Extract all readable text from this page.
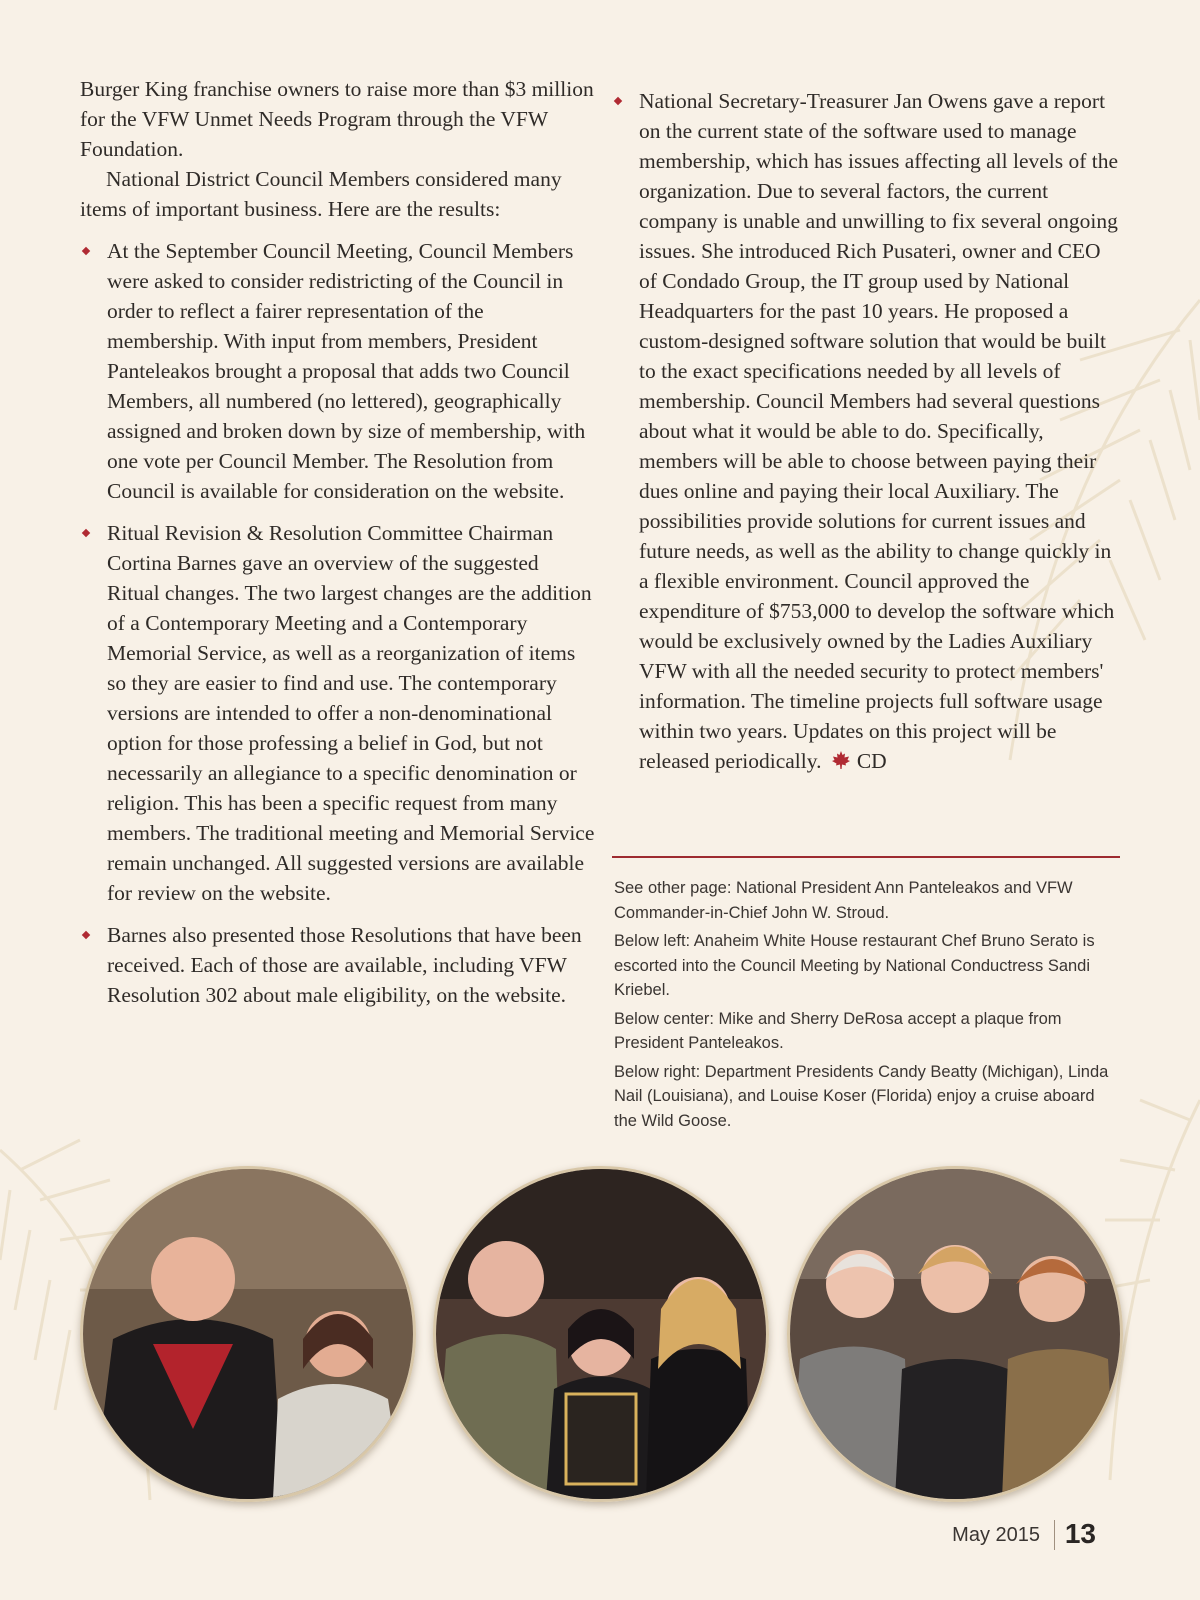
Burger King franchise owners to raise more than $3 million for the VFW Unmet Needs Program through the VFW Foundation.

National District Council Members considered many items of important business. Here are the results:

At the September Council Meeting, Council Members were asked to consider redistricting of the Council in order to reflect a fairer representation of the membership. With input from members, President Panteleakos brought a proposal that adds two Council Members, all numbered (no lettered), geographically assigned and broken down by size of membership, with one vote per Council Member. The Resolution from Council is available for consideration on the website.
Ritual Revision & Resolution Committee Chairman Cortina Barnes gave an overview of the suggested Ritual changes. The two largest changes are the addition of a Contemporary Meeting and a Contemporary Memorial Service, as well as a reorganization of items so they are easier to find and use. The contemporary versions are intended to offer a non-denominational option for those professing a belief in God, but not necessarily an allegiance to a specific denomination or religion. This has been a specific request from many members. The traditional meeting and Memorial Service remain unchanged. All suggested versions are available for review on the website.
Barnes also presented those Resolutions that have been received. Each of those are available, including VFW Resolution 302 about male eligibility, on the website.
National Secretary-Treasurer Jan Owens gave a report on the current state of the software used to manage membership, which has issues affecting all levels of the organization. Due to several factors, the current company is unable and unwilling to fix several ongoing issues. She introduced Rich Pusateri, owner and CEO of Condado Group, the IT group used by National Headquarters for the past 10 years. He proposed a custom-designed software solution that would be built to the exact specifications needed by all levels of membership. Council Members had several questions about what it would be able to do. Specifically, members will be able to choose between paying their dues online and paying their local Auxiliary. The possibilities provide solutions for current issues and future needs, as well as the ability to change quickly in a flexible environment. Council approved the expenditure of $753,000 to develop the software which would be exclusively owned by the Ladies Auxiliary VFW with all the needed security to protect members' information. The timeline projects full software usage within two years. Updates on this project will be released periodically. CD

See other page: National President Ann Panteleakos and VFW Commander-in-Chief John W. Stroud.

Below left: Anaheim White House restaurant Chef Bruno Serato is escorted into the Council Meeting by National Conductress Sandi Kriebel.

Below center: Mike and Sherry DeRosa accept a plaque from President Panteleakos.

Below right: Department Presidents Candy Beatty (Michigan), Linda Nail (Louisiana), and Louise Koser (Florida) enjoy a cruise aboard the Wild Goose.

May 2015 13
